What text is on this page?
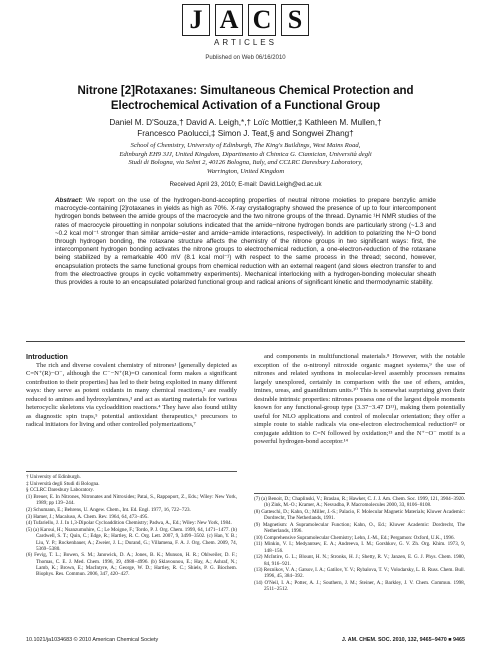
J A C S
ARTICLES
Published on Web 06/16/2010
Nitrone [2]Rotaxanes: Simultaneous Chemical Protection and
Electrochemical Activation of a Functional Group
Daniel M. D'Souza,† David A. Leigh,*,† Loïc Mottier,‡ Kathleen M. Mullen,†
Francesco Paolucci,‡ Simon J. Teat,§ and Songwei Zhang†
School of Chemistry, University of Edinburgh, The King's Buildings, West Mains Road,
Edinburgh EH9 3JJ, United Kingdom, Dipartimento di Chimica G. Ciamician, Università degli
Studi di Bologna, via Selmi 2, 40126 Bologna, Italy, and CCLRC Daresbury Laboratory,
Warrington, United Kingdom
Received April 23, 2010; E-mail: David.Leigh@ed.ac.uk
Abstract: We report on the use of the hydrogen-bond-accepting properties of neutral nitrone moieties to prepare benzylic amide macrocycle-containing [2]rotaxanes in yields as high as 70%. X-ray crystallography showed the presence of up to four intercomponent hydrogen bonds between the amide groups of the macrocycle and the two nitrone groups of the thread. Dynamic ¹H NMR studies of the rates of macrocycle pirouetting in nonpolar solutions indicated that the amide−nitrone hydrogen bonds are particularly strong (~1.3 and ~0.2 kcal mol⁻¹ stronger than similar amide−ester and amide−amide interactions, respectively). In addition to polarizing the N−O bond through hydrogen bonding, the rotaxane structure affects the chemistry of the nitrone groups in two significant ways: first, the intercomponent hydrogen bonding activates the nitrone groups to electrochemical reduction, a one-electron-reduction of the rotaxane being stabilized by a remarkable 400 mV (8.1 kcal mol⁻¹) with respect to the same process in the thread; second, however, encapsulation protects the same functional groups from chemical reduction with an external reagent (and slows electron transfer to and from the electroactive groups in cyclic voltammetry experiments). Mechanical interlocking with a hydrogen-bonding molecular sheath thus provides a route to an encapsulated polarized functional group and radical anions of significant kinetic and thermodynamic stability.

Introduction

The rich and diverse covalent chemistry of nitrones¹ [generally depicted as C=N⁺(R)−O⁻, although the C⁻−N⁺(R)=O canonical form makes a significant contribution to their properties] has led to their being exploited in many different ways: they serve as potent oxidants in many chemical reactions,² are readily reduced to amines and hydroxylamines,³ and act as starting materials for various heterocyclic skeletons via cycloaddition reactions.⁴ They have also found utility as diagnostic spin traps,⁵ potential antioxidant therapeutics,⁶ precursors to radical initiators for living and other controlled polymerizations,⁷

and components in multifunctional materials.⁸ However, with the notable exception of the α-nitronyl nitroxide organic magnet systems,⁹ the use of nitrones and related synthons in molecular-level assembly processes remains largely unexplored, certainly in comparison with the use of ethers, amides, imines, ureas, and guanidinium units.¹⁰ This is somewhat surprising given their desirable intrinsic properties: nitrones possess one of the largest dipole moments known for any functional-group type (3.37−3.47 D¹¹), making them potentially useful for NLO applications and control of molecular orientation; they offer a simple route to stable radicals via one-electron electrochemical reduction¹² or conjugate addition to C=N followed by oxidation;¹³ and the N⁺−O⁻ motif is a powerful hydrogen-bond acceptor.¹⁴

† University of Edinburgh.
‡ Università degli Studi di Bologna.
§ CCLRC Daresbury Laboratory.
(1) Breuer, E. In Nitrones, Nitronates and Nitroxides; Patai, S., Rappoport, Z., Eds.; Wiley: New York, 1989; pp 139−244.
(2) Schumann, E.; Behrens, U. Angew. Chem., Int. Ed. Engl. 1977, 16, 722−723.
(3) Hamer, J.; Macaluso, A. Chem. Rev. 1964, 64, 473−495.
(4) Tufariello, J. J. In 1,3-Dipolar Cycloaddition Chemistry; Padwa, A., Ed.; Wiley: New York, 1984.
(5) (a) Karoui, H.; Nsanzumuhire, C.; Le Moigne, F.; Tordo, P. J. Org. Chem. 1999, 64, 1471−1477. (b) Cardwell, S. T.; Quin, C.; Edge, R.; Hartley, R. C. Org. Lett. 2007, 9, 3499−3502. (c) Han, Y. B.; Liu, Y. P.; Rockenbauer, A.; Zweier, J. L.; Durand, G.; Villamena, F. A. J. Org. Chem. 2009, 74, 5369−5380.
(6) Fevig, T. L.; Bowen, S. M.; Janowick, D. A.; Jones, B. K.; Munson, H. R.; Ohlweiler, D. F.; Thomas, C. E. J. Med. Chem. 1996, 39, 4988−4996. (b) Sklavounou, E.; Hay, A.; Ashraf, N.; Lamb, K.; Brown, E.; MacIntyre, A.; George, W. D.; Hartley, R. C.; Shiels, P. G. Biochem. Biophys. Res. Commun. 2006, 347, 420−427.
(7) (a) Benoit, D.; Chaplinski, V.; Braslau, R.; Hawker, C. J. J. Am. Chem. Soc. 1999, 121, 3904−3920. (b) Zink, M.-O.; Kramer, A.; Nesvadba, P. Macromolecules 2000, 33, 8106−8108.
(8) Gatteschi, D.; Kahn, O.; Miller, J.-S.; Palacio, F. Molecular Magnetic Materials; Kluwer Academic: Dordrecht, The Netherlands, 1991.
(9) Magnetism: A Supramolecular Function; Kahn, O., Ed.; Kluwer Academic: Dordrecht, The Netherlands, 1996.
(10) Comprehensive Supramolecular Chemistry; Lehn, J.-M., Ed.; Pergamon: Oxford, U.K., 1996.
(11) Minkin, V. I.; Medyantsev, E. A.; Andreeva, I. M.; Gorshkov, G. V. Zh. Org. Khim. 1973, 9, 148−156.
(12) McIntire, G. L.; Blount, H. N.; Stronks, H. J.; Shetty, R. V.; Janzen, E. G. J. Phys. Chem. 1980, 84, 916−921.
(13) Reznikov, V. A.; Gatsov, I. A.; Gatilov, Y. V.; Rybalova, T. V.; Volodarsky, L. B. Russ. Chem. Bull. 1996, 45, 384−392.
(14) O'Neil, I. A.; Potter, A. J.; Southern, J. M.; Steiner, A.; Barkley, J. V. Chem. Commun. 1998, 2511−2512.
10.1021/ja1034683 © 2010 American Chemical Society	J. AM. CHEM. SOC. 2010, 132, 9465−9470 ■ 9465
